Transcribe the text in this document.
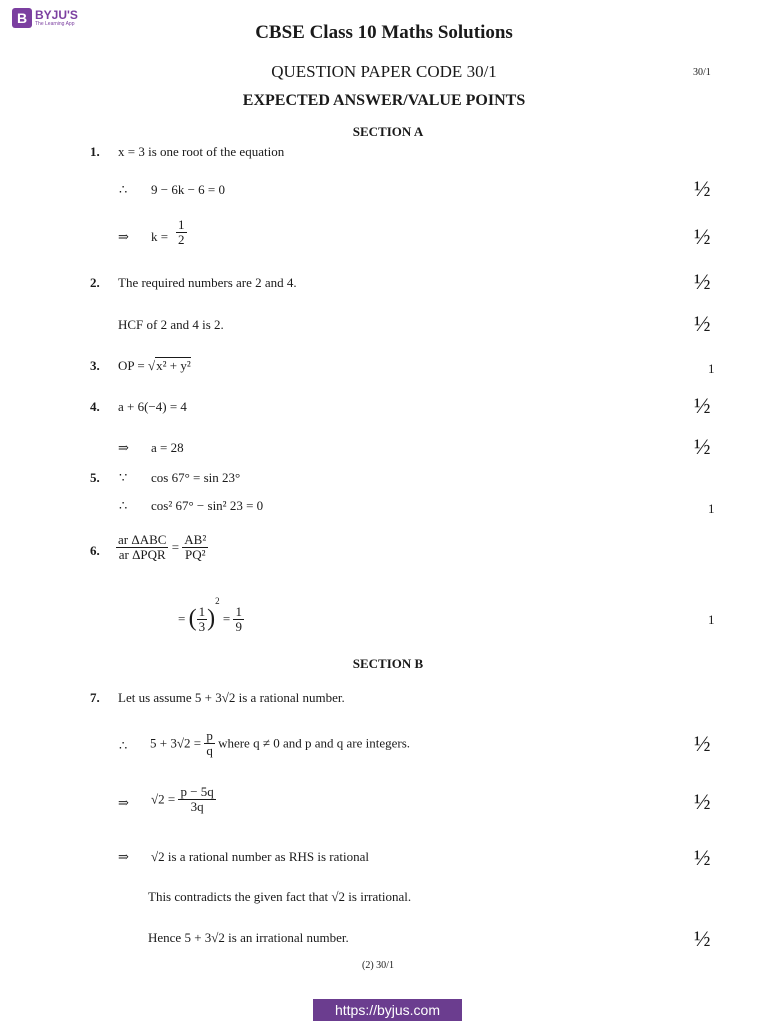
B BYJU'S
The Learning App	CBSE Class 10 Maths Solutions
QUESTION PAPER CODE 30/1	30/1
EXPECTED ANSWER/VALUE POINTS
SECTION A
1. x = 3 is one root of the equation
∴ 9 − 6k − 6 = 0	½
⇒ $k = \frac{1}{2}$	½
2. The required numbers are 2 and 4.	½
HCF of 2 and 4 is 2.	½
3. OP = √x² + y²	1
4. a + 6(−4) = 4	½
⇒ a = 28	½
5. ∵ cos 67° = sin 23°
∴ cos² 67° − sin² 23 = 0	1
6. $\frac{\text{ar ΔABC}}{\text{ar ΔPQR}} = \frac{\text{AB²}}{\text{PQ²}}$
= ( $\frac{1}{3} )^2 = \frac{1}{9}$	1
SECTION B
7. Let us assume 5 + 3√2 is a rational number.
∴ $5 + 3√2 = \frac{p}{q}$ where q ≠ 0 and p and q are integers.	½
⇒ $√2 = \frac{p - 5q}{3q}$	½
⇒ √2 is a rational number as RHS is rational	½
This contradicts the given fact that √2 is irrational.
Hence 5 + 3√2 is an irrational number.	½
(2) 30/1
https://byjus.com
